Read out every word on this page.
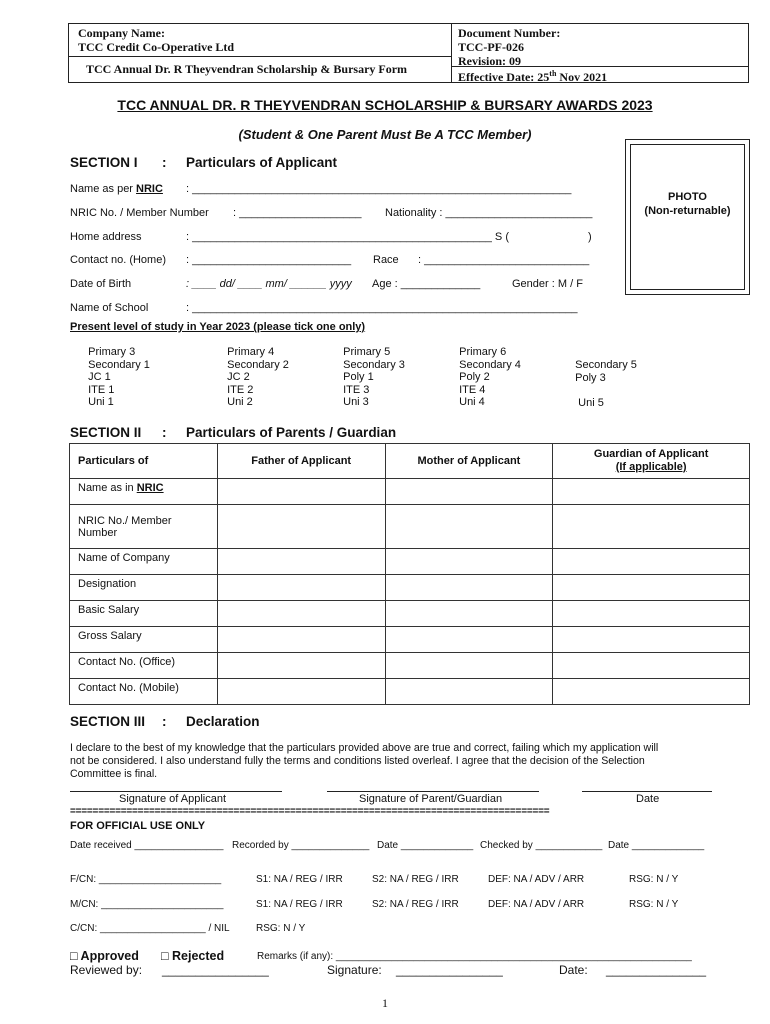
Company Name:
TCC Credit Co-Operative Ltd
TCC Annual Dr. R Theyvendran Scholarship & Bursary Form
Document Number:
TCC-PF-026
Revision: 09
Effective Date: 25th Nov 2021
TCC ANNUAL DR. R THEYVENDRAN SCHOLARSHIP & BURSARY AWARDS 2023
(Student & One Parent Must Be A TCC Member)
SECTION I : Particulars of Applicant
PHOTO
(Non-returnable)
Name as per NRIC : ______________________________________________________________
NRIC No. / Member Number : ____________________ Nationality : ________________________
Home address	: _________________________________________________ S (	)
Contact no. (Home) : __________________________ Race : ___________________________
Date of Birth	: ____ dd/ ____ mm/ ______ yyyy Age : _____________	Gender : M / F
Name of School	: _______________________________________________________________
Present level of study in Year 2023 (please tick one only)
Primary 3
Secondary 1
JC 1
ITE 1
Uni 1
Primary 4
Secondary 2
JC 2
ITE 2
Uni 2
Primary 5
Secondary 3
Poly 1
ITE 3
Uni 3
Primary 6
Secondary 4
Poly 2
ITE 4
Uni 4
Secondary 5
Poly 3
Uni 5
SECTION II : Particulars of Parents / Guardian
Particulars of	Father of Applicant	Mother of Applicant	Guardian of Applicant
(If applicable)
Name as in NRIC			
NRIC No./ Member Number			
Name of Company			
Designation			
Basic Salary			
Gross Salary			
Contact No. (Office)			
Contact No. (Mobile)			
SECTION III : Declaration
I declare to the best of my knowledge that the particulars provided above are true and correct, failing which my application will
not be considered. I also understand fully the terms and conditions listed overleaf. I agree that the decision of the Selection
Committee is final.
Signature of Applicant	Signature of Parent/Guardian	Date
=====================================================================================
FOR OFFICIAL USE ONLY
Date received ________________ Recorded by ______________ Date _____________ Checked by ____________ Date _____________
F/CN: ______________________	S1: NA / REG / IRR	S2: NA / REG / IRR	DEF: NA / ADV / ARR	RSG: N / Y
M/CN: ______________________	S1: NA / REG / IRR	S2: NA / REG / IRR	DEF: NA / ADV / ARR	RSG: N / Y
C/CN: ___________________ / NIL	RSG: N / Y
□ Approved □ Rejected	Remarks (if any): ________________________________________________________________
Reviewed by: ________________	Signature: ________________	Date: _______________
1
